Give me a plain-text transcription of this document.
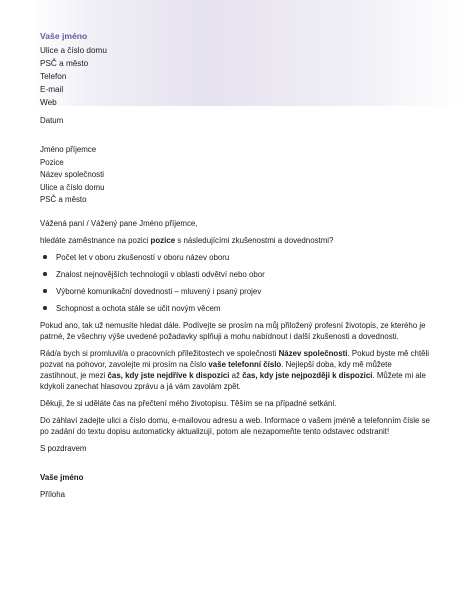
Vaše jméno
Ulice a číslo domu
PSČ a město
Telefon
E-mail
Web
Datum
Jméno příjemce
Pozice
Název společnosti
Ulice a číslo domu
PSČ a město
Vážená paní / Vážený pane Jméno příjemce,
hledáte zaměstnance na pozici pozice s následujícími zkušenostmi a dovednostmi?
Počet let v oboru zkušeností v oboru název oboru
Znalost nejnovějších technologií v oblasti odvětví nebo obor
Výborné komunikační dovednosti – mluvený i psaný projev
Schopnost a ochota stále se učit novým věcem
Pokud ano, tak už nemusíte hledat dále. Podívejte se prosím na můj přiložený profesní životopis, ze kterého je patrné, že všechny výše uvedené požadavky splňuji a mohu nabídnout i další zkušenosti a dovednosti.
Rád/a bych si promluvil/a o pracovních příležitostech ve společnosti Název společnosti. Pokud byste mě chtěli pozvat na pohovor, zavolejte mi prosím na číslo vaše telefonní číslo. Nejlepší doba, kdy mě můžete zastihnout, je mezi čas, kdy jste nejdříve k dispozici až čas, kdy jste nejpozději k dispozici. Můžete mi ale kdykoli zanechat hlasovou zprávu a já vám zavolám zpět.
Děkuji, že si uděláte čas na přečtení mého životopisu. Těším se na případné setkání.
Do záhlaví zadejte ulici a číslo domu, e-mailovou adresu a web. Informace o vašem jméně a telefonním čísle se po zadání do textu dopisu automaticky aktualizují, potom ale nezapomeňte tento odstavec odstranit!
S pozdravem
Vaše jméno
Příloha
